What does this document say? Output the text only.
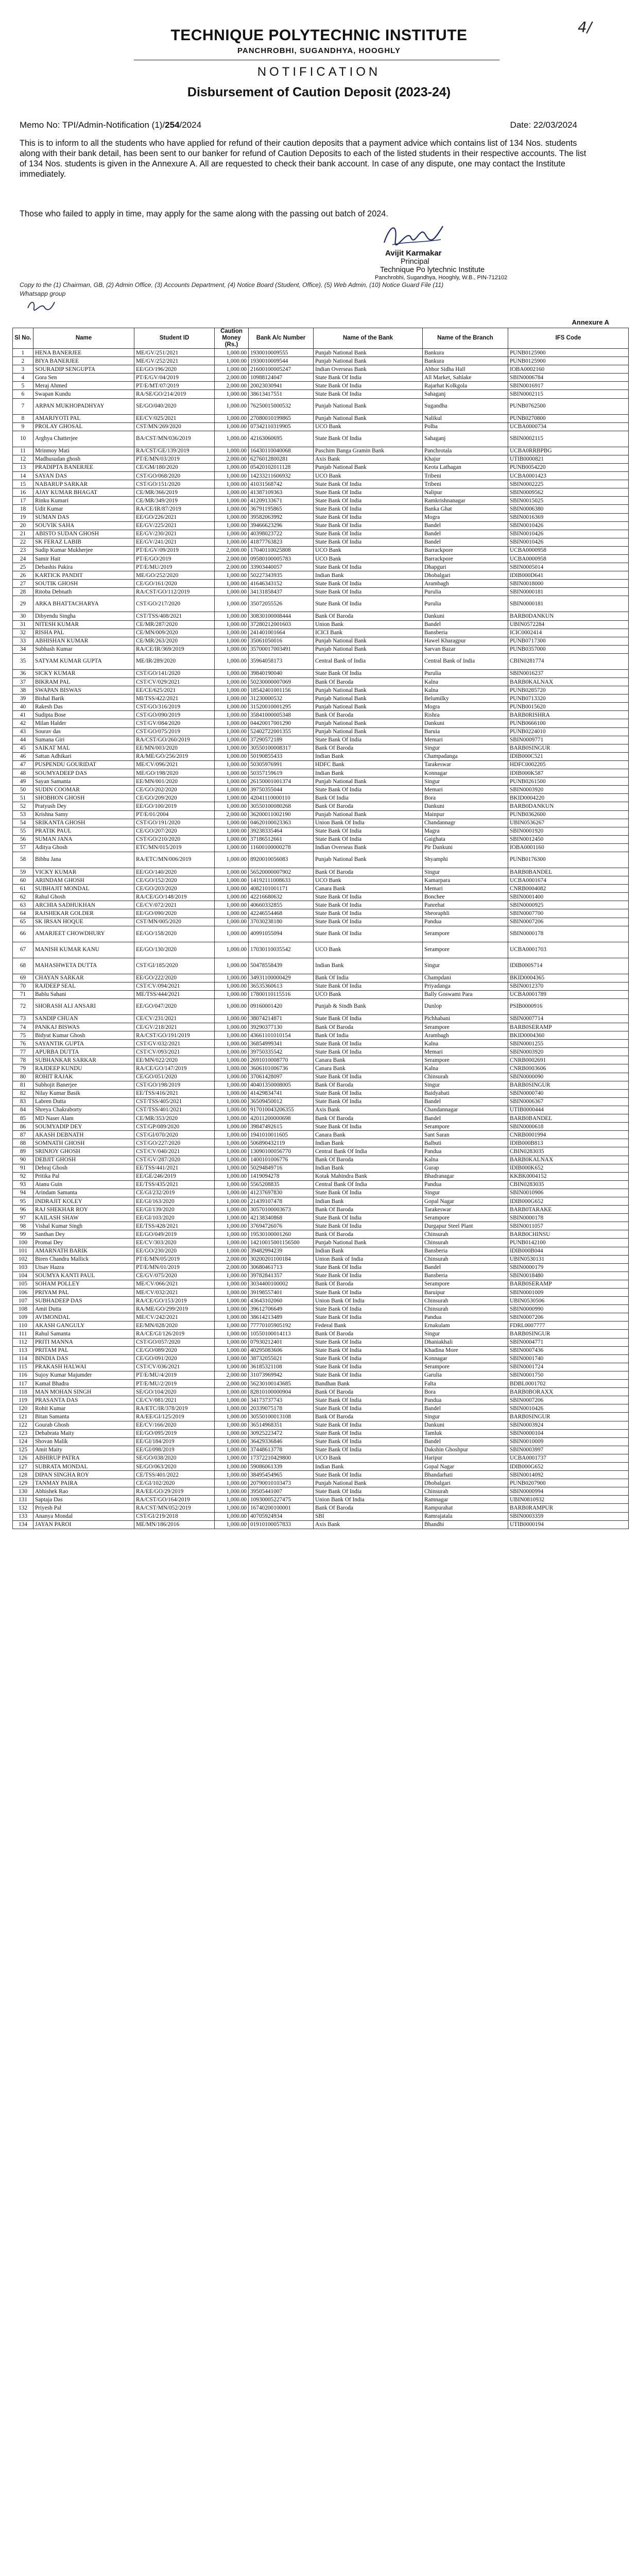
4/
TECHNIQUE POLYTECHNIC INSTITUTE
PANCHROBHI, SUGANDHYA, HOOGHLY
NOTIFICATION
Disbursement of Caution Deposit (2023-24)
Memo No: TPI/Admin-Notification (1)/254/2024	Date: 22/03/2024
This is to inform to all the students who have applied for refund of their caution deposits that a payment advice which contains list of 134 Nos. students along with their bank detail, has been sent to our banker for refund of Caution Deposits to each of the listed students in their respective accounts. The list of 134 Nos. students is given in the Annexure A. All are requested to check their bank account. In case of any dispute, one may contact the Institute immediately.
Those who failed to apply in time, may apply for the same along with the passing out batch of 2024.
Avijit Karmakar
Principal
Technique Po lytechnic Institute
Panchrobhi, Sugandhya, Hooghly, W.B., PIN-712102
Copy to the (1) Chairman, GB, (2) Admin Office, (3) Accounts Department, (4) Notice Board (Student, Office), (5) Web Admin, (10) Notice Guard File (11) Whatsapp group
Annexure A
Sl No.	Name	Student ID	Caution Money (Rs.)	Bank A/c Number	Name of the Bank	Name of the Branch	IFS Code
1	HENA BANERJEE	ME/GV/251/2021	1,000.00	1930010009555	Punjab National Bank	Bankura	PUNB0125900
2	BIYA BANERJEE	ME/GV/252/2021	1,000.00	1930010009544	Punjab National Bank	Bankura	PUNB0125900
3	SOURADIP SENGUPTA	EE/GO/196/2020	1,000.00	21600100005247	Indian Overseas Bank	Abhor Sidha Hall	IOBA0002160
4	Gora Sen	PT/E/GV/04/2019	2,000.00	10988124047	State Bank Of India	All Market, Sahlake	SBIN0006784
5	Meraj Ahmed	PT/E/MT/07/2019	2,000.00	20023030941	State Bank Of India	Rajarhat Kolkgola	SBIN0016917
6	Swapan Kundu	RA/SE/GO/214/2019	1,000.00	38613417551	State Bank Of India	Sahaganj	SBIN0002115
7	ARPAN MUKHOPADHYAY	SE/GO/040/2020	1,000.00	76250015000532	Punjab National Bank	Sugandha	PUNB0762500
8	AMARJYOTI PAL	EE/CV/025/2021	1,000.00	27080010199865	Punjab National Bank	Nalikul	PUNB0270800
9	PROLAY GHOSAL	CST/MN/269/2020	1,000.00	07342110319905	UCO Bank	Polba	UCBA0000734
10	Arghya Chatterjee	BA/CST/MN/036/2019	1,000.00	42163060695	State Bank Of India	Sahaganj	SBIN0002115
11	Mrinmoy Mati	RA/CST/GE/139/2019	1,000.00	16430110040068	Paschim Banga Gramin Bank	Panchrotala	UCBA0RRBPBG
12	Madhusudan ghosh	PT/E/MN/03/2019	2,000.00	6276012800281	Axis Bank	Khajur	UTIB0000821
13	PRADIPTA BANERJEE	CE/GM/180/2020	1,000.00	05420102011128	Punjab National Bank	Keota Lathagan	PUNB0054220
14	SAYAN DAS	CST/GO/068/2020	1,000.00	14233211606932	UCO Bank	Tribeni	UCBA0001423
15	NABARUP SARKAR	CST/GO/151/2020	1,000.00	41031568742	State Bank Of India	Tribeni	SBIN0002225
16	AJAY KUMAR BHAGAT	CE/MR/366/2019	1,000.00	41387109363	State Bank Of India	Nalipur	SBIN0009562
17	Rinku Kumari	CE/MR/349/2019	1,000.00	41209133671	State Bank Of India	Ramkrishnanagar	SBIN0015025
18	Udit Kumar	RA/CE/IR/87/2019	1,000.00	36791195865	State Bank Of India	Banka Ghat	SBIN0006380
19	SUMAN DAS	EE/GO/226/2021	1,000.00	39582063992	State Bank Of India	Mogra	SBIN0016369
20	SOUVIK SAHA	EE/GV/225/2021	1,000.00	39466623296	State Bank Of India	Bandel	SBIN0010426
21	ABISTO SUDAN GHOSH	EE/GV/230/2021	1,000.00	40398023722	State Bank Of India	Bandel	SBIN0010426
22	SK FERAZ LABIB	EE/GV/241/2021	1,000.00	41877763823	State Bank Of India	Bandel	SBIN0010426
23	Sudip Kumar Mukherjee	PT/E/GV/09/2019	2,000.00	17040110025808	UCO Bank	Barrackpore	UCBA0000958
24	Samir Hait	PT/E/GO/2019	2,000.00	09580100005783	UCO Bank	Barrackpore	UCBA0000958
25	Debashis Pakira	PT/E/MU/2019	2,000.00	33903440057	State Bank Of India	Dhapguri	SBIN0005014
26	KARTICK PANDIT	ME/GO/252/2020	1,000.00	50227343935	Indian Bank	Dhobalgari	IDIB000D641
27	SOUTIK GHOSH	CE/GO/161/2020	1,000.00	41646343152	State Bank Of India	Arambagh	SBIN0018000
28	Ritoba Debnath	RA/CST/GO/112/2019	1,000.00	34131858437	State Bank Of India	Purulia	SBIN0000181
29	ARKA BHATTACHARYA	CST/GO/217/2020	1,000.00	35072055526	State Bank Of India	Purulia	SBIN0000181
30	Dibyendu Singha	CST/TSS/408/2021	1,000.00	30830100008444	Bank Of Baroda	Dankuni	BARB0DANKUN
31	NITESH KUMAR	CE/MR/287/2020	1,000.00	37280212001603	Union Bank	Bandel	UBIN0572284
32	RISHA PAL	CE/MN/009/2020	1,000.00	241401001664	ICICI Bank	Bansberia	ICIC0002414
33	ABHISHAN KUMAR	CE/MR/263/2020	1,000.00	35061050016	Punjab National Bank	Hawel Kharagpur	PUNB0717300
34	Subhash Kumar	RA/CE/IR/369/2019	1,000.00	35700017003491	Punjab National Bank	Sarvan Bazar	PUNB0357000
35	SATYAM KUMAR GUPTA	ME/IR/289/2020	1,000.00	35964058173	Central Bank of India	Central Bank of India	CBIN0281774
36	SICKY KUMAR	CST/GO/141/2020	1,000.00	39840190040	State Bank Of India	Purulia	SBIN0016237
37	BIKRAM PAL	CST/CV/029/2021	1,000.00	50230000007069	Bank Of Baroda	Kalna	BARB0KALNAX
38	SWAPAN BISWAS	EE/CE/625/2021	1,000.00	18542401001156	Punjab National Bank	Kalna	PUNB0285720
39	Bishal Barik	MI/TSS/422/2021	1,000.00	31230000532	Punjab National Bank	Belumilky	PUNB0713320
40	Rakesh Das	CST/GO/316/2019	1,000.00	31520010001295	Punjab National Bank	Mogra	PUNB0015620
41	Sudipta Bose	CST/GO/090/2019	1,000.00	35841000005348	Bank Of Baroda	Rishra	BARB0RISHRA
42	Milan Halder	CST/GV/084/2020	1,000.00	04420017001290	Punjab National Bank	Dankuni	PUNB0666100
43	Sourav das	CST/GO/075/2019	1,000.00	52402722001355	Punjab National Bank	Baruia	PUNB0224010
44	Sumana Giri	RA/CST/GO/260/2019	1,000.00	37290572189	State Bank Of India	Memari	SBIN0009771
45	SAIKAT MAL	EE/MN/003/2020	1,000.00	30550100008317	Bank Of Baroda	Singur	BARB0SINGUR
46	Sattan Adhikari	RA/ME/GO/256/2019	1,000.00	50190855433	Indian Bank	Champadanga	IDIB000C521
47	PUSPENDU GOURIDAT	ME/CV/096/2021	1,000.00	50305976991	HDFC Bank	Tarakeswar	HDFC0002205
48	SOUMYADEEP DAS	ME/GO/198/2020	1,000.00	50357159619	Indian Bank	Konnagar	IDIB000K587
49	Sayan Samanta	EE/MN/001/2020	1,000.00	26150001001374	Punjab National Bank	Singur	PUNB0261500
50	SUDIN COOMAR	CE/GO/202/2020	1,000.00	39750355044	State Bank Of India	Memari	SBIN0003920
51	SHOBHON GHOSH	CE/GO/209/2020	1,000.00	42041110000110	Bank Of India	Bora	BKID0004220
52	Pratyush Dey	EE/GO/100/2019	1,000.00	30550100080268	Bank Of Baroda	Dankuni	BARB0DANKUN
53	Krishna Samy	PT/E/01/2004	2,000.00	36200011002190	Punjab National Bank	Mainpur	PUNB0362600
54	SRIKANTA GHOSH	CST/GO/191/2020	1,000.00	04620100023363	Union Bank Of India	Chandannagr	UBIN0536267
55	PRATIK PAUL	CE/GO/207/2020	1,000.00	39238335464	State Bank Of India	Magra	SBIN0001920
56	SUMAN JANA	CST/GO/210/2020	1,000.00	37186512661	State Bank Of India	Gaighata	SBIN0012450
57	Aditya Ghosh	ETC/MN/015/2019	1,000.00	11600100000278	Indian Overseas Bank	Pir Dankuni	IOBA0001160
58	Bibhu Jana	RA/ETC/MN/006/2019	1,000.00	8920010056083	Punjab National Bank	Shyamphi	PUNB0176300
59	VICKY KUMAR	EE/GO/140/2020	1,000.00	56520000007902	Bank Of Baroda	Singur	BARB0BANDEL
60	ARINDAM GHOSH	CE/GO/152/2020	1,000.00	14192111008633	UCO Bank	Kamarpara	UCBA0001674
61	SUBHAJIT MONDAL	CE/GO/203/2020	1,000.00	4082101001171	Canara Bank	Memari	CNRB0004082
62	Rahul Ghosh	RA/CE/GO/148/2019	1,000.00	42216680632	State Bank Of India	Bonchee	SBIN0001400
63	ARCHIA SADHUKHAN	CE/CV/072/2021	1,000.00	40660332855	State Bank Of India	Panrehat	SBIN0000925
64	RAJSHEKAR GOLDER	EE/GO/090/2020	1,000.00	42246554468	State Bank Of India	Sheoraphli	SBIN0007700
65	SK IRSAN HOQUE	CST/MN/005/2020	1,000.00	37030238180	State Bank Of India	Pandua	SBIN0007206
66	AMARJEET CHOWDHURY	EE/GO/158/2020	1,000.00	40991055094	State Bank Of India	Serampore	SBIN0000178
67	MANISH KUMAR KANU	EE/GO/130/2020	1,000.00	17030110035542	UCO Bank	Serampore	UCBA0001703
68	MAHASHWETA DUTTA	CST/GI/185/2020	1,000.00	50478558439	Indian Bank	Singur	IDIB000S714
69	CHAYAN SARKAR	EE/GO/222/2020	1,000.00	34931100000429	Bank Of India	Champdani	BKID0004365
70	RAJDEEP SEAL	CST/CV/094/2021	1,000.00	36535360613	State Bank Of India	Priyadanga	SBIN0012370
71	Bablu Sahani	ME/TSS/444/2021	1,000.00	17800110115516	UCO Bank	Bally Goswami Para	UCBA0001789
72	SHORASH ALI ANSARI	EE/GO/047/2020	1,000.00	09160001420	Punjab & Sindh Bank	Dunlop	PSIB0000916
73	SANDIP CHUAN	CE/CV/231/2021	1,000.00	38074214871	State Bank Of India	Pichhabani	SBIN0007714
74	PANKAJ BISWAS	CE/GV/218/2021	1,000.00	39290377130	Bank Of Baroda	Serampore	BARB0SERAMP
75	Bidyut Kumar Ghosh	RA/CST/GO/191/2019	1,000.00	43661101010154	Bank Of India	Arambagh	BKID0004360
76	SAYANTIK GUPTA	CST/GV/032/2021	1,000.00	36854999341	State Bank Of India	Kalna	SBIN0001255
77	APURBA DUTTA	CST/CV/093/2021	1,000.00	39750335542	State Bank Of India	Memari	SBIN0003920
78	SUBHANKAR SARKAR	EE/MN/022/2020	1,000.00	2691010008770	Canara Bank	Serampore	CNRB0002691
79	RAJDEEP KUNDU	RA/CE/GO/147/2019	1,000.00	3606101006736	Canara Bank	Kalna	CNRB0003606
80	ROHIT RAJAK	CE/GO/051/2020	1,000.00	37061428097	State Bank Of India	Chinsurah	SBIN0000090
81	Subhojit Banerjee	CST/GO/198/2019	1,000.00	40401350008005	Bank Of Baroda	Singur	BARB0SINGUR
82	Nilay Kumar Basik	EE/TSS/416/2021	1,000.00	41429834741	State Bank Of India	Baidyabati	SBIN0000740
83	Labren Dutta	CST/TSS/405/2021	1,000.00	36509450012	State Bank Of India	Bandel	SBIN0006367
84	Shreya Chakraborty	CST/TSS/401/2021	1,000.00	917010043206355	Axis Bank	Chandannagar	UTIB0000444
85	MD Naser Alam	CE/MR/353/2020	1,000.00	42011200000698	Bank Of Baroda	Bandel	BARB0BANDEL
86	SOUMYADIP DEY	CST/GP/089/2020	1,000.00	39847492615	State Bank Of India	Serampore	SBIN0000618
87	AKASH DEBNATH	CST/GI/070/2020	1,000.00	1941010011605	Canara Bank	Sant Saran	CNRB0001994
88	SOMNATH GHOSH	CST/GO/227/2020	1,000.00	506890432119	Indian Bank	Balbuti	IDIB000B813
89	SRINJOY GHOSH	CST/CV/040/2021	1,000.00	13090100056770	Central Bank Of India	Pandua	CBIN0283035
90	DEBJIT GHOSH	CST/GV/287/2020	1,000.00	1400101006776	Bank Of Baroda	Kalna	BARB0KALNAX
91	Debraj Ghosh	EE/TSS/441/2021	1,000.00	50294849716	Indian Bank	Gurap	IDIB000K652
92	Pritika Pal	EE/GE/246/2019	1,000.00	1419094278	Kotak Mahindra Bank	Bhadranagar	KKBK0004152
93	Atanu Guin	EE/TSS/435/2021	1,000.00	5565208835	Central Bank Of India	Pandua	CBIN0283035
94	Arindam Samanta	CE/GI/232/2019	1,000.00	41237697830	State Bank Of India	Singur	SBIN0010906
95	INDRAJIT KOLEY	EE/GI/163/2020	1,000.00	21439107478	Indian Bank	Gopal Nagar	IDIB000G652
96	RAJ SHEKHAR ROY	EE/GI/139/2020	1,000.00	30570100003673	Bank Of Baroda	Tarakeswar	BARB0TARAKE
97	KAILASH SHAW	EE/GI/103/2020	1,000.00	42138340868	State Bank Of India	Serampore	SBIN0000178
98	Vishal Kumar Singh	EE/TSS/428/2021	1,000.00	37694726076	State Bank Of India	Durgapur Steel Plant	SBIN0011057
99	Santhan Dey	EE/GO/049/2019	1,000.00	19530100001260	Bank Of Baroda	Chinsurah	BARB0CHINSU
100	Promai Dey	EE/CV/303/2020	1,000.00	14210015001156500	Punjab National Bank	Chinsurah	PUNB0142100
101	AMARNATH BARIK	EE/GO/230/2020	1,000.00	39482994239	Indian Bank	Bansberia	IDIB000B044
102	Biren Chandra Mallick	PT/E/MN/05/2019	2,000.00	30200201100184	Union Bank of India	Chinsurah	UBIN0530131
103	Utsav Hazra	PT/E/MN/01/2019	2,000.00	30680461713	State Bank Of India	Bandel	SBIN0000179
104	SOUMYA KANTI PAUL	CE/GV/075/2020	1,000.00	39782841357	State Bank Of India	Bansberia	SBIN0018480
105	SOHAM POLLEY	ME/CV/066/2021	1,000.00	3034400100002	Bank Of Baroda	Serampore	BARB0SERAMP
106	PRIYAM PAL	ME/CV/032/2021	1,000.00	39198557401	State Bank Of India	Baruipur	SBIN0001009
107	SUBHADEEP DAS	RA/CE/GO/153/2019	1,000.00	43643102060	Union Bank Of India	Chinsurah	UBIN0530506
108	Amit Dutta	RA/ME/GO/299/2019	1,000.00	39612706649	State Bank Of India	Chinsurah	SBIN0000990
109	AVIMONDAL	ME/CV/242/2021	1,000.00	38614213489	State Bank Of India	Pandua	SBIN0007206
110	AKASH GANGULY	EE/MN/028/2020	1,000.00	77770105905192	Federal Bank	Ernakulam	FDRL0007777
111	Rahul Samanta	RA/CE/GI/126/2019	1,000.00	10550100014113	Bank Of Baroda	Singur	BARB0SINGUR
112	PRITI MANNA	CST/GO/057/2020	1,000.00	07930212401	State Bank Of India	Dhaniakhali	SBIN0004771
113	PRITAM PAL	CE/GO/089/2020	1,000.00	40295083606	State Bank Of India	Khadina More	SBIN0007436
114	BINDIA DAS	CE/GO/091/2020	1,000.00	38732055021	State Bank Of India	Konnagar	SBIN0001740
115	PRAKASH HALWAI	CST/CV/036/2021	1,000.00	36185321108	State Bank Of India	Serampore	SBIN0001724
116	Sujoy Kumar Majumder	PT/E/MU/4/2019	2,000.00	31073969942	State Bank Of India	Garulia	SBIN0001750
117	Kamal Bhadra	PT/E/MU/2/2019	2,000.00	56230100143685	Bandhan Bank	Falta	BDBL0001702
118	MAN MOHAN SINGH	SE/GO/104/2020	1,000.00	82810100000904	Bank Of Baroda	Bora	BARB0BORAXX
119	PRASANTA DAS	CE/CV/081/2021	1,000.00	34173737743	State Bank Of India	Pandua	SBIN0007206
120	Rohit Kumar	RA/ETC/IR/378/2019	1,000.00	20339075178	State Bank Of India	Bandel	SBIN0010426
121	Bitan Samanta	RA/EE/GI/125/2019	1,000.00	30550100013108	Bank Of Baroda	Singur	BARB0SINGUR
122	Gourab Ghosh	EE/CV/166/2020	1,000.00	36514968351	State Bank Of India	Dankuni	SBIN0003924
123	Debabrata Maity	EE/GO/095/2019	1,000.00	30925223472	State Bank Of India	Tamluk	SBIN0000104
124	Shovan Malik	EE/GI/184/2019	1,000.00	36429336846	State Bank Of India	Bandel	SBIN0010009
125	Amit Maity	EE/GI/098/2019	1,000.00	37448613778	State Bank Of India	Dakshin Ghoshpur	SBIN0003997
126	ABHIRUP PATRA	SE/GO/038/2020	1,000.00	17372210429800	UCO Bank	Haripur	UCBA0001737
127	SUBRATA MONDAL	SE/GO/063/2020	1,000.00	59086061339	Indian Bank	Gopal Nagar	IDIB000G652
128	DIPAN SINGHA ROY	CE/TSS/401/2022	1,000.00	38495454965	State Bank Of India	Bhandarhati	SBIN0014092
129	TANMAY PAIRA	CE/GI/102/2020	1,000.00	20790010103473	Punjab National Bank	Dhobalgari	PUNB0207900
130	Abhishek Rao	RA/EE/GO/29/2019	1,000.00	39505441007	State Bank Of India	Chinsurah	SBIN0000994
131	Saptaja Das	RA/CST/GO/164/2019	1,000.00	10930005227475	Union Bank Of India	Ramnagar	UBIN0810932
132	Priyesh Pal	RA/CST/MN/052/2019	1,000.00	16740200100001	Bank Of Baroda	Rampurahat	BARB0RAMPUR
133	Ananya Mondal	CST/GI/219/2018	1,000.00	40705924934	SBI	Ramrajatala	SBIN0003359
134	JAYAN PAROI	ME/MN/186/2016	1,000.00	01910100057833	Axis Bank	Bhandhi	UTIB0000194
